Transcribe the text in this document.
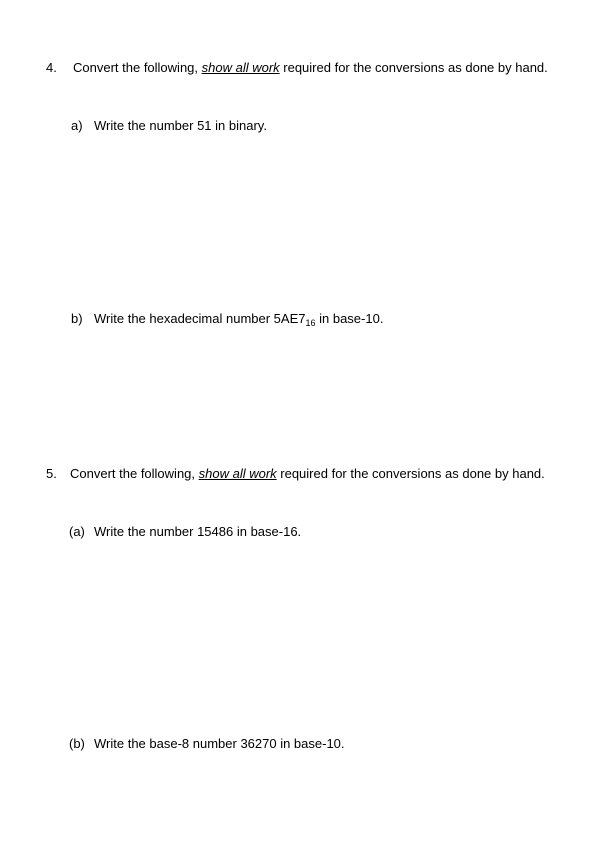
4. Convert the following, show all work required for the conversions as done by hand.
a) Write the number 51 in binary.
b) Write the hexadecimal number $5AE7_{16}$ in base-10.
5. Convert the following, show all work required for the conversions as done by hand.
(a) Write the number 15486 in base-16.
(b) Write the base-8 number 36270 in base-10.
